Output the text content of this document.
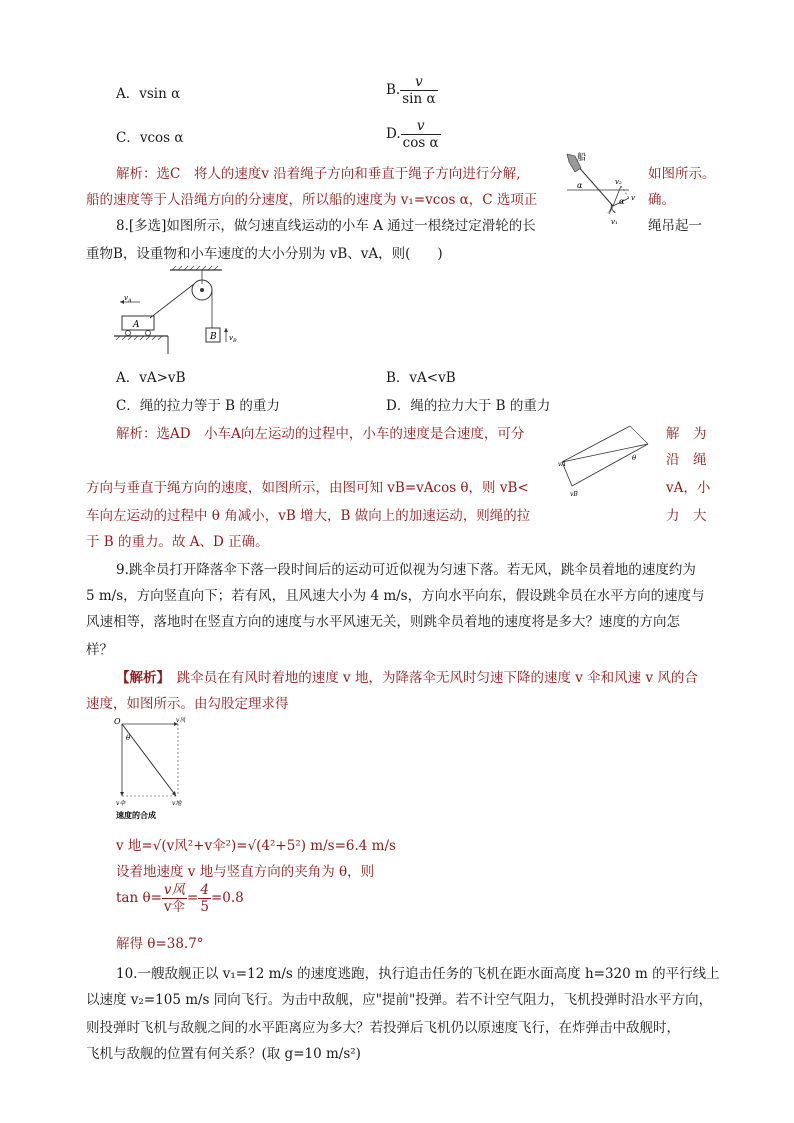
A．vsin α	B. $\frac{v}{\text{sin α}}$
C．vcos α	D. $\frac{v}{\text{cos α}}$
解析：选C　将人的速度v 沿着绳子方向和垂直于绳子方向进行分解,	如图所示。
船的速度等于人沿绳方向的分速度，所以船的速度为 v₁=vcos α，C 选项正	确。
船
人
α
α v
v₁
v₂
8.[多选]如图所示，做匀速直线运动的小车 A 通过一根绕过定滑轮的长	绳吊起一
重物B，设重物和小车速度的大小分别为 vB、vA，则(　　)
$v_A$
A
B $v_B$
A．vA>vB	B．vA<vB
C．绳的拉力等于 B 的重力	D．绳的拉力大于 B 的重力
解析：选AD　小车A向左运动的过程中，小车的速度是合速度，可分	解　为
沿　绳
方向与垂直于绳方向的速度，如图所示，由图可知 vB=vAcos θ，则 vB<	vA，小
车向左运动的过程中 θ 角减小，vB 增大，B 做向上的加速运动，则绳的拉	力　大
于 B 的重力。故 A、D 正确。
vA
θ
vB
9.跳伞员打开降落伞下落一段时间后的运动可近似视为匀速下落。若无风，跳伞员着地的速度约为
5 m/s，方向竖直向下；若有风，且风速大小为 4 m/s，方向水平向东，假设跳伞员在水平方向的速度与
风速相等，落地时在竖直方向的速度与水平风速无关，则跳伞员着地的速度将是多大？速度的方向怎
样？
【解析】　跳伞员在有风时着地的速度 v 地，为降落伞无风时匀速下降的速度 v 伞和风速 v 风的合
速度，如图所示。由勾股定理求得
O	v风
θ
v伞	v地
速度的合成
v 地=√(v风²+v伞²)=√(4²+5²) m/s=6.4 m/s
设着地速度 v 地与竖直方向的夹角为 θ，则
$\tan \theta= \frac{\text{v风}}{\text{v伞}} = \frac{4}{5} =0.8$
解得 θ=38.7°
10.一艘敌舰正以 v₁=12 m/s 的速度逃跑，执行追击任务的飞机在距水面高度 h=320 m 的平行线上
以速度 v₂=105 m/s 同向飞行。为击中敌舰，应"提前"投弹。若不计空气阻力，飞机投弹时沿水平方向，
则投弹时飞机与敌舰之间的水平距离应为多大？若投弹后飞机仍以原速度飞行，在炸弹击中敌舰时，
飞机与敌舰的位置有何关系？(取 g=10 m/s²)
